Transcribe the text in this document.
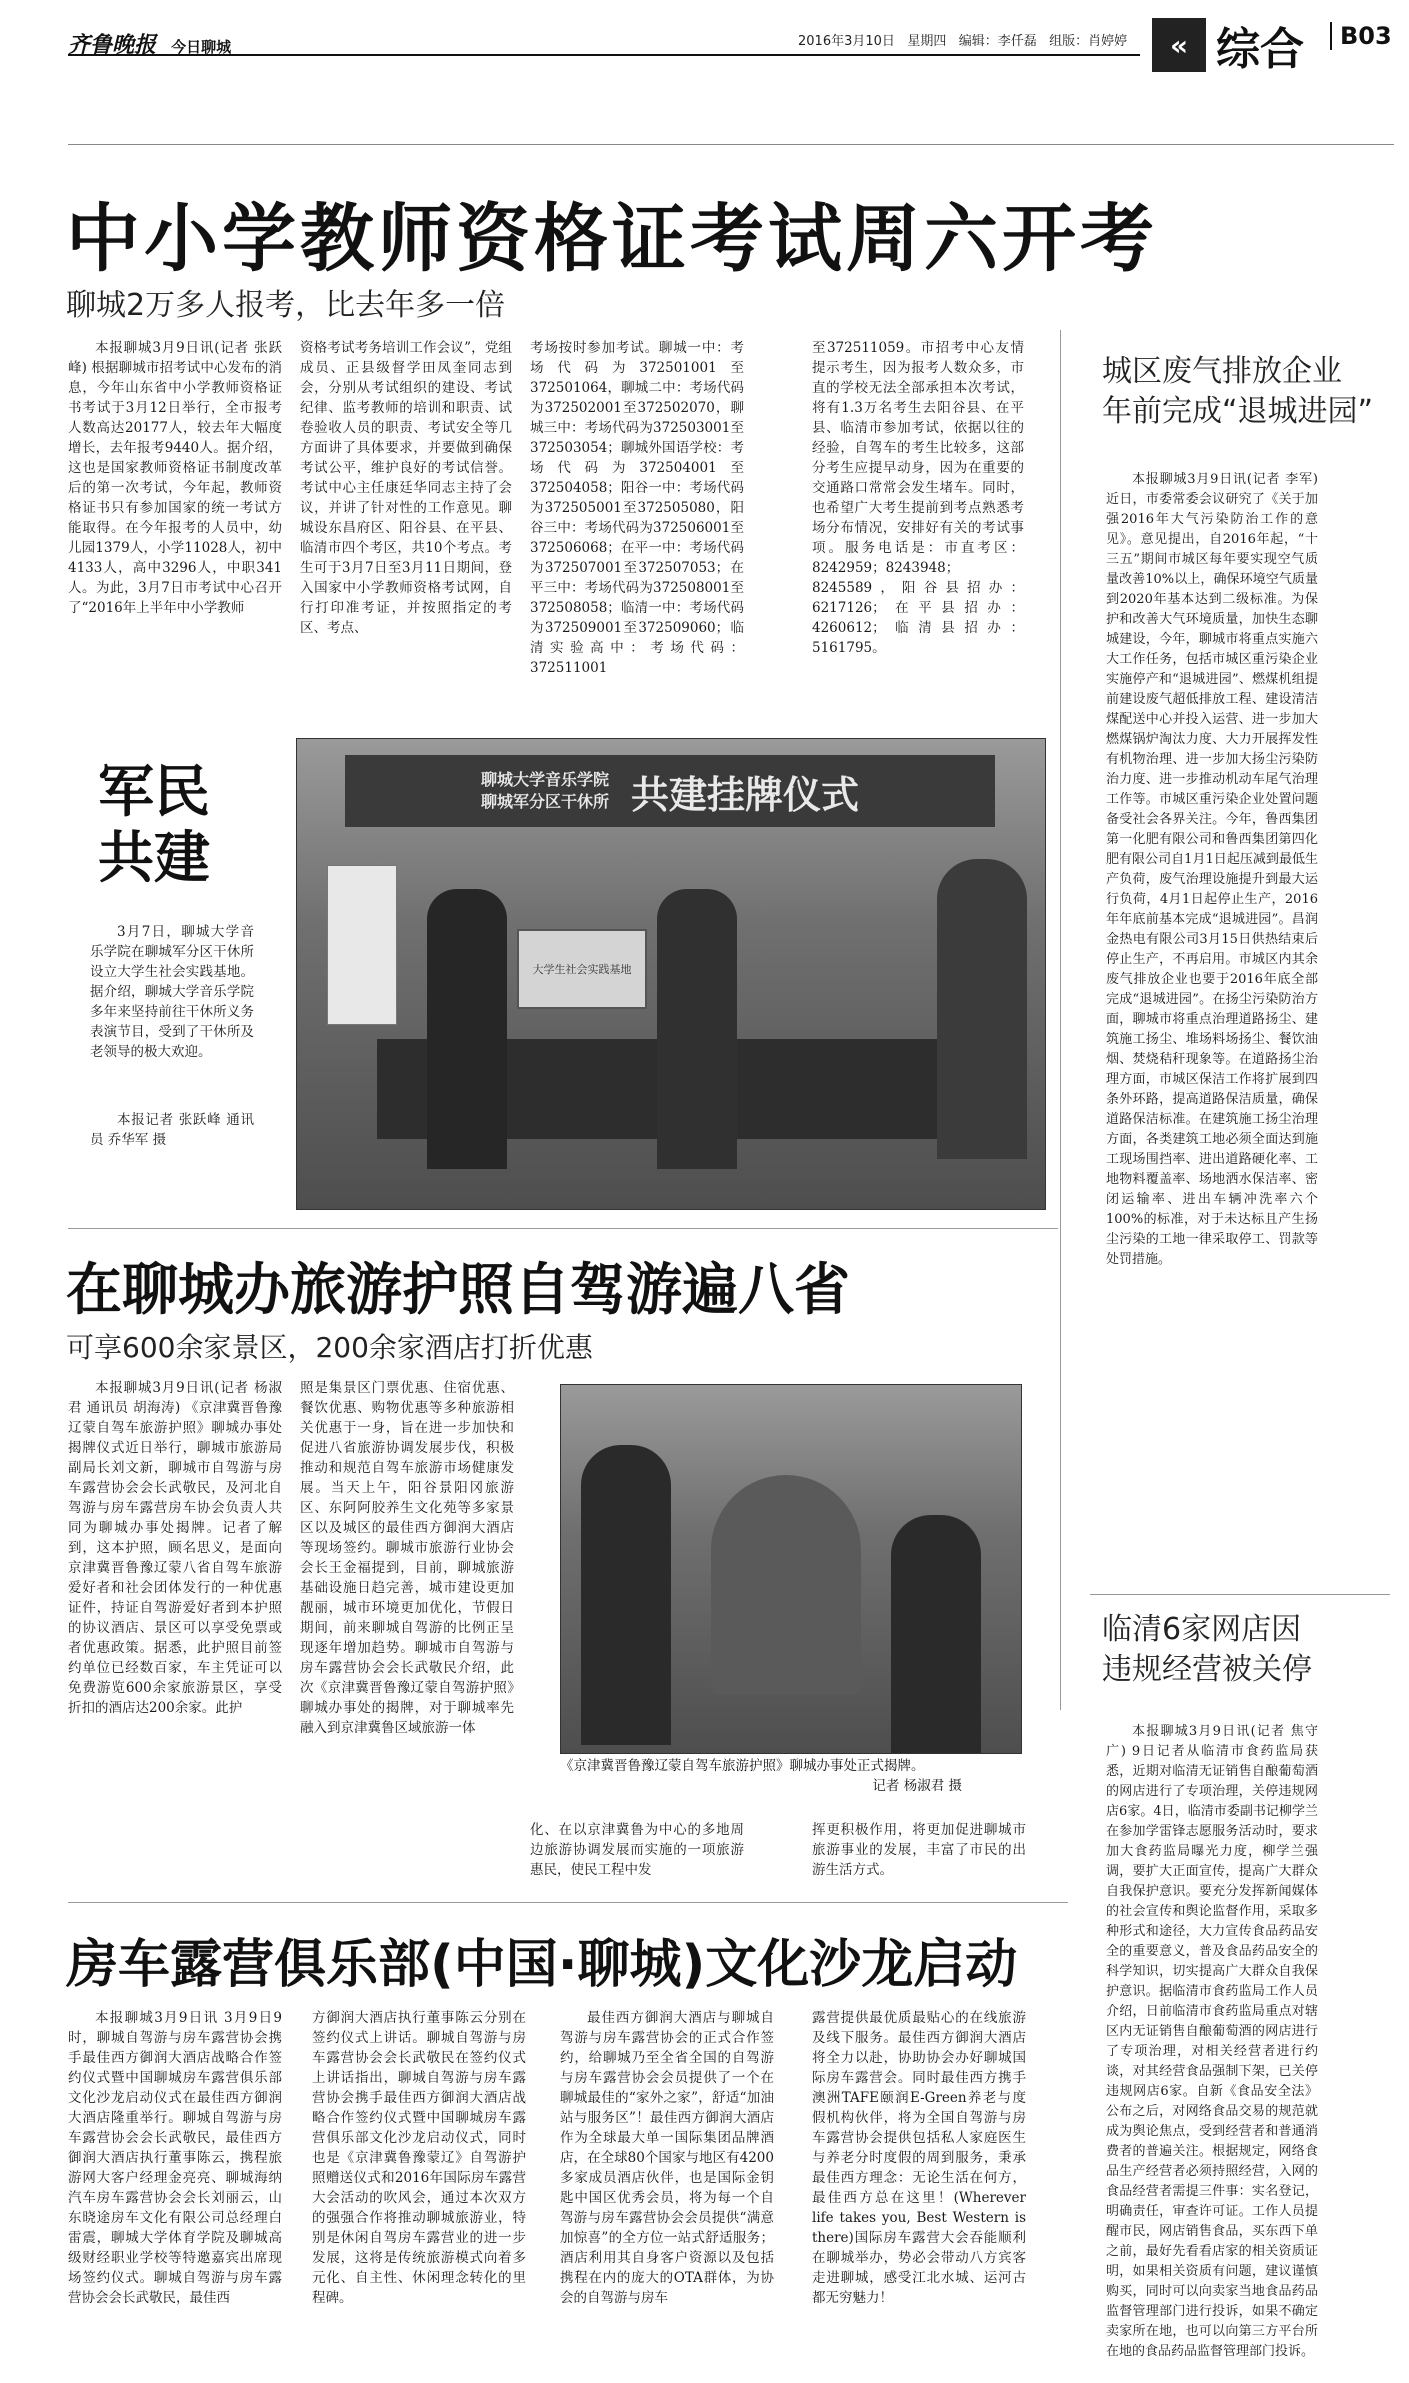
齐鲁晚报 今日聊城	2016年3月10日 星期四 编辑：李仟磊 组版：肖婷婷	« 综合	B03
中小学教师资格证考试周六开考
聊城2万多人报考，比去年多一倍

本报聊城3月9日讯(记者 张跃峰) 根据聊城市招考试中心发布的消息，今年山东省中小学教师资格证书考试于3月12日举行，全市报考人数高达20177人，较去年大幅度增长，去年报考9440人。据介绍，这也是国家教师资格证书制度改革后的第一次考试，今年起，教师资格证书只有参加国家的统一考试方能取得。在今年报考的人员中，幼儿园1379人，小学11028人，初中4133人，高中3296人，中职341人。为此，3月7日市考试中心召开了“2016年上半年中小学教师

资格考试考务培训工作会议”，党组成员、正县级督学田凤奎同志到会，分别从考试组织的建设、考试纪律、监考教师的培训和职责、试卷验收人员的职责、考试安全等几方面讲了具体要求，并要做到确保考试公平，维护良好的考试信誉。考试中心主任康廷华同志主持了会议，并讲了针对性的工作意见。聊城设东昌府区、阳谷县、在平县、临清市四个考区，共10个考点。考生可于3月7日至3月11日期间，登入国家中小学教师资格考试网，自行打印准考证，并按照指定的考区、考点、

考场按时参加考试。聊城一中：考场代码为372501001至372501064，聊城二中：考场代码为372502001至372502070，聊城三中：考场代码为372503001至372503054；聊城外国语学校：考场代码为372504001至372504058；阳谷一中：考场代码为372505001至372505080，阳谷三中：考场代码为372506001至372506068；在平一中：考场代码为372507001至372507053；在平三中：考场代码为372508001至372508058；临清一中：考场代码为372509001至372509060；临清实验高中：考场代码：372511001

至372511059。市招考中心友情提示考生，因为报考人数众多，市直的学校无法全部承担本次考试，将有1.3万名考生去阳谷县、在平县、临清市参加考试，依据以往的经验，自驾车的考生比较多，这部分考生应提早动身，因为在重要的交通路口常常会发生堵车。同时，也希望广大考生提前到考点熟悉考场分布情况，安排好有关的考试事项。服务电话是：市直考区：8242959；8243948；8245589，阳谷县招办：6217126；在平县招办：4260612；临清县招办：5161795。

城区废气排放企业
年前完成“退城进园”

本报聊城3月9日讯(记者 李军) 近日，市委常委会议研究了《关于加强2016年大气污染防治工作的意见》。意见提出，自2016年起，“十三五”期间市城区每年要实现空气质量改善10%以上，确保环境空气质量到2020年基本达到二级标准。为保护和改善大气环境质量，加快生态聊城建设，今年，聊城市将重点实施六大工作任务，包括市城区重污染企业实施停产和“退城进园”、燃煤机组提前建设废气超低排放工程、建设清洁煤配送中心并投入运营、进一步加大燃煤锅炉淘汰力度、大力开展挥发性有机物治理、进一步加大扬尘污染防治力度、进一步推动机动车尾气治理工作等。市城区重污染企业处置问题备受社会各界关注。今年，鲁西集团第一化肥有限公司和鲁西集团第四化肥有限公司自1月1日起压减到最低生产负荷，废气治理设施提升到最大运行负荷，4月1日起停止生产，2016年年底前基本完成“退城进园”。昌润金热电有限公司3月15日供热结束后停止生产，不再启用。市城区内其余废气排放企业也要于2016年底全部完成“退城进园”。在扬尘污染防治方面，聊城市将重点治理道路扬尘、建筑施工扬尘、堆场料场扬尘、餐饮油烟、焚烧秸秆现象等。在道路扬尘治理方面，市城区保洁工作将扩展到四条外环路，提高道路保洁质量，确保道路保洁标准。在建筑施工扬尘治理方面，各类建筑工地必须全面达到施工现场围挡率、进出道路硬化率、工地物料覆盖率、场地洒水保洁率、密闭运输率、进出车辆冲洗率六个100%的标准，对于未达标且产生扬尘污染的工地一律采取停工、罚款等处罚措施。

军民
共建

3月7日，聊城大学音乐学院在聊城军分区干休所设立大学生社会实践基地。据介绍，聊城大学音乐学院多年来坚持前往干休所义务表演节目，受到了干休所及老领导的极大欢迎。

本报记者 张跃峰 通讯员 乔华军 摄

聊城大学音乐学院
聊城军分区干休所 共建挂牌仪式
大学生社会实践基地
在聊城办旅游护照自驾游遍八省
可享600余家景区，200余家酒店打折优惠

本报聊城3月9日讯(记者 杨淑君 通讯员 胡海涛) 《京津冀晋鲁豫辽蒙自驾车旅游护照》聊城办事处揭牌仪式近日举行，聊城市旅游局副局长刘文新，聊城市自驾游与房车露营协会会长武敬民，及河北自驾游与房车露营房车协会负责人共同为聊城办事处揭牌。记者了解到，这本护照，顾名思义，是面向京津冀晋鲁豫辽蒙八省自驾车旅游爱好者和社会团体发行的一种优惠证件，持证自驾游爱好者到本护照的协议酒店、景区可以享受免票或者优惠政策。据悉，此护照目前签约单位已经数百家，车主凭证可以免费游览600余家旅游景区，享受折扣的酒店达200余家。此护

照是集景区门票优惠、住宿优惠、餐饮优惠、购物优惠等多种旅游相关优惠于一身，旨在进一步加快和促进八省旅游协调发展步伐，积极推动和规范自驾车旅游市场健康发展。当天上午，阳谷景阳冈旅游区、东阿阿胶养生文化苑等多家景区以及城区的最佳西方御润大酒店等现场签约。聊城市旅游行业协会会长王金福提到，目前，聊城旅游基础设施日趋完善，城市建设更加靓丽，城市环境更加优化，节假日期间，前来聊城自驾游的比例正呈现逐年增加趋势。聊城市自驾游与房车露营协会会长武敬民介绍，此次《京津冀晋鲁豫辽蒙自驾游护照》聊城办事处的揭牌，对于聊城率先融入到京津冀鲁区域旅游一体

《京津冀晋鲁豫辽蒙自驾车旅游护照》聊城办事处正式揭牌。
记者 杨淑君 摄

化、在以京津冀鲁为中心的多地周边旅游协调发展而实施的一项旅游惠民，使民工程中发

挥更积极作用，将更加促进聊城市旅游事业的发展，丰富了市民的出游生活方式。

临清6家网店因
违规经营被关停

本报聊城3月9日讯(记者 焦守广) 9日记者从临清市食药监局获悉，近期对临清无证销售自酿葡萄酒的网店进行了专项治理，关停违规网店6家。4日，临清市委副书记柳学兰在参加学雷锋志愿服务活动时，要求加大食药监局曝光力度，柳学兰强调，要扩大正面宣传，提高广大群众自我保护意识。要充分发挥新闻媒体的社会宣传和舆论监督作用，采取多种形式和途径，大力宣传食品药品安全的重要意义，普及食品药品安全的科学知识，切实提高广大群众自我保护意识。据临清市食药监局工作人员介绍，日前临清市食药监局重点对辖区内无证销售自酿葡萄酒的网店进行了专项治理，对相关经营者进行约谈，对其经营食品强制下架，已关停违规网店6家。自新《食品安全法》公布之后，对网络食品交易的规范就成为舆论焦点，受到经营者和普通消费者的普遍关注。根据规定，网络食品生产经营者必须持照经营，入网的食品经营者需提三件事：实名登记，明确责任，审查许可证。工作人员提醒市民，网店销售食品，买东西下单之前，最好先看看店家的相关资质证明，如果相关资质有问题，建议谨慎购买，同时可以向卖家当地食品药品监督管理部门进行投诉，如果不确定卖家所在地，也可以向第三方平台所在地的食品药品监督管理部门投诉。

房车露营俱乐部(中国·聊城)文化沙龙启动

本报聊城3月9日讯 3月9日9时，聊城自驾游与房车露营协会携手最佳西方御润大酒店战略合作签约仪式暨中国聊城房车露营俱乐部文化沙龙启动仪式在最佳西方御润大酒店隆重举行。聊城自驾游与房车露营协会会长武敬民，最佳西方御润大酒店执行董事陈云，携程旅游网大客户经理金亮亮、聊城海纳汽车房车露营协会会长刘丽云，山东晓途房车文化有限公司总经理白雷震，聊城大学体育学院及聊城高级财经职业学校等特邀嘉宾出席现场签约仪式。聊城自驾游与房车露营协会会长武敬民，最佳西

方御润大酒店执行董事陈云分别在签约仪式上讲话。聊城自驾游与房车露营协会会长武敬民在签约仪式上讲话指出，聊城自驾游与房车露营协会携手最佳西方御润大酒店战略合作签约仪式暨中国聊城房车露营俱乐部文化沙龙启动仪式，同时也是《京津冀鲁豫蒙辽》自驾游护照赠送仪式和2016年国际房车露营大会活动的吹风会，通过本次双方的强强合作将推动聊城旅游业，特别是休闲自驾房车露营业的进一步发展，这将是传统旅游模式向着多元化、自主性、休闲理念转化的里程碑。

最佳西方御润大酒店与聊城自驾游与房车露营协会的正式合作签约，给聊城乃至全省全国的自驾游与房车露营协会会员提供了一个在聊城最佳的“家外之家”，舒适“加油站与服务区”！最佳西方御润大酒店作为全球最大单一国际集团品牌酒店，在全球80个国家与地区有4200多家成员酒店伙伴，也是国际金钥匙中国区优秀会员，将为每一个自驾游与房车露营协会会员提供“满意加惊喜”的全方位一站式舒适服务；酒店利用其自身客户资源以及包括携程在内的庞大的OTA群体，为协会的自驾游与房车

露营提供最优质最贴心的在线旅游及线下服务。最佳西方御润大酒店将全力以赴，协助协会办好聊城国际房车露营会。同时最佳西方携手澳洲TAFE颐润E-Green养老与度假机构伙伴，将为全国自驾游与房车露营协会提供包括私人家庭医生与养老分时度假的周到服务，秉承最佳西方理念：无论生活在何方，最佳西方总在这里！(Wherever life takes you, Best Western is there)国际房车露营大会吞能顺利在聊城举办，势必会带动八方宾客走进聊城，感受江北水城、运河古都无穷魅力！
